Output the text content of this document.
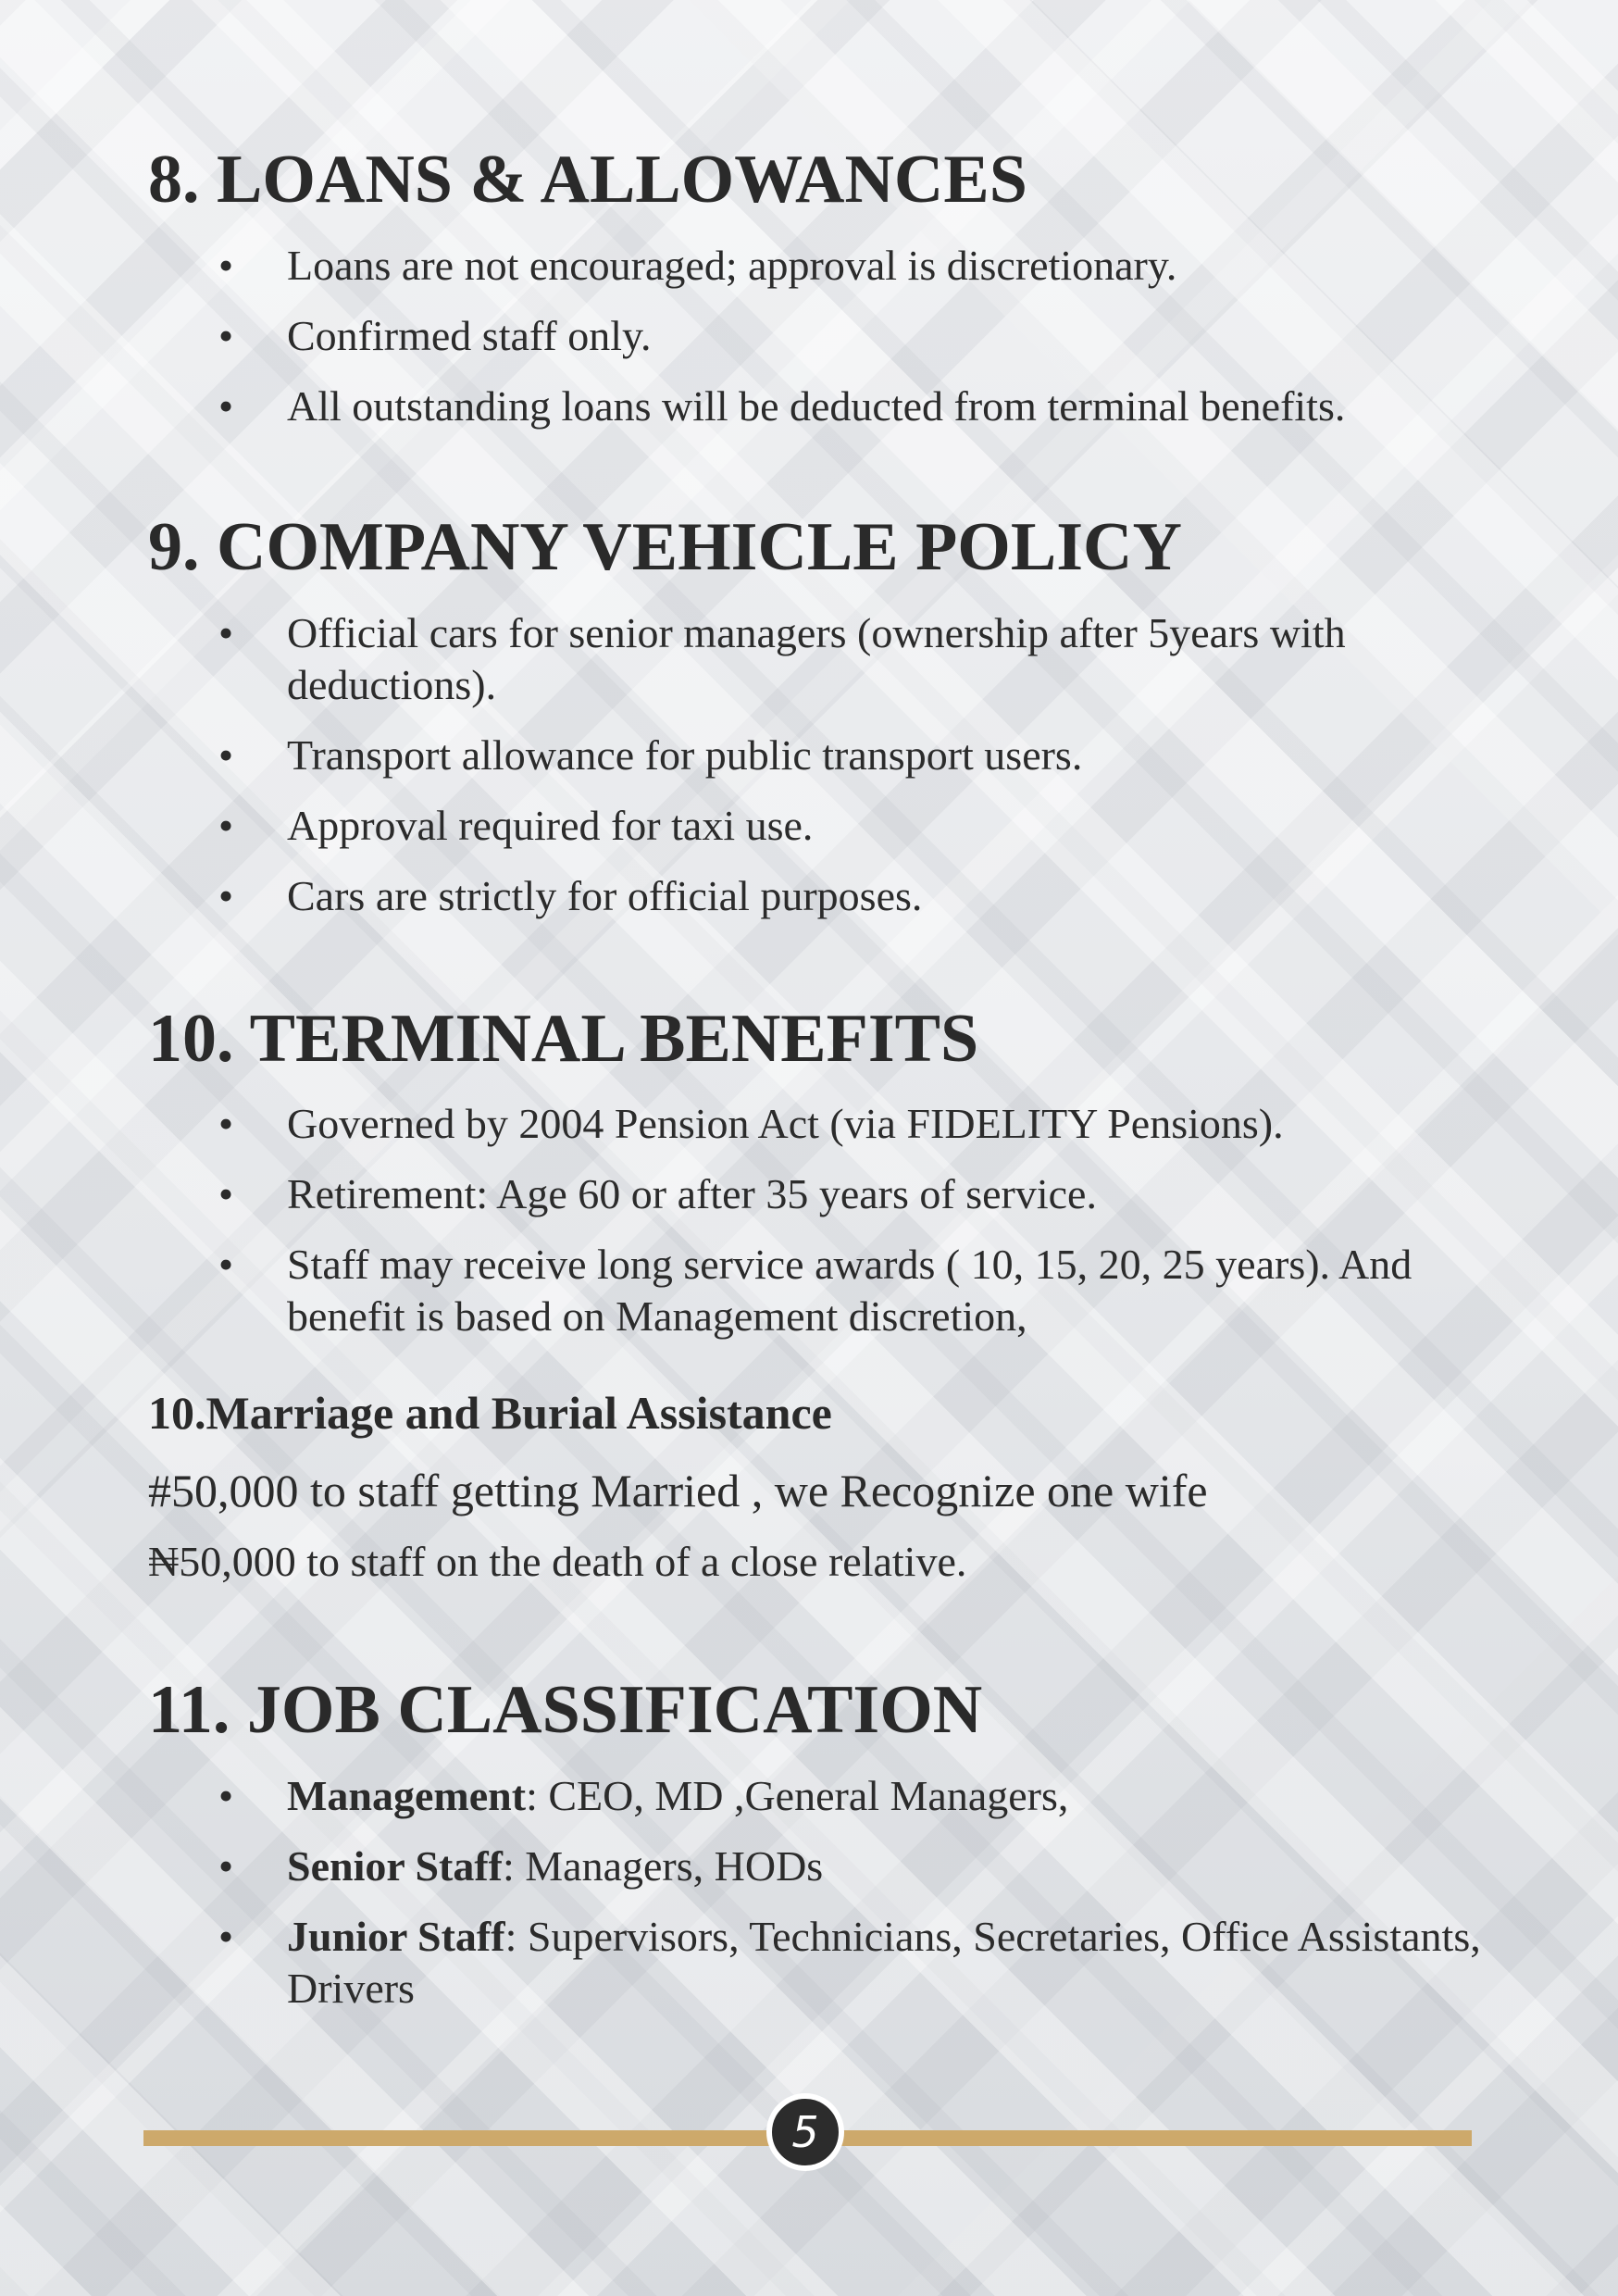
8. LOANS & ALLOWANCES
• Loans are not encouraged; approval is discretionary.
• Confirmed staff only.
• All outstanding loans will be deducted from terminal benefits.
9. COMPANY VEHICLE POLICY
• Official cars for senior managers (ownership after 5years with deductions).
• Transport allowance for public transport users.
• Approval required for taxi use.
• Cars are strictly for official purposes.
10. TERMINAL BENEFITS
• Governed by 2004 Pension Act (via FIDELITY Pensions).
• Retirement: Age 60 or after 35 years of service.
• Staff may receive long service awards ( 10, 15, 20, 25 years). And benefit is based on Management discretion,
10.Marriage and Burial Assistance

#50,000 to staff getting Married , we Recognize one wife

₦50,000 to staff on the death of a close relative.

11. JOB CLASSIFICATION
• Management: CEO, MD ,General Managers,
• Senior Staff: Managers, HODs
• Junior Staff: Supervisors, Technicians, Secretaries, Office Assistants, Drivers
5
